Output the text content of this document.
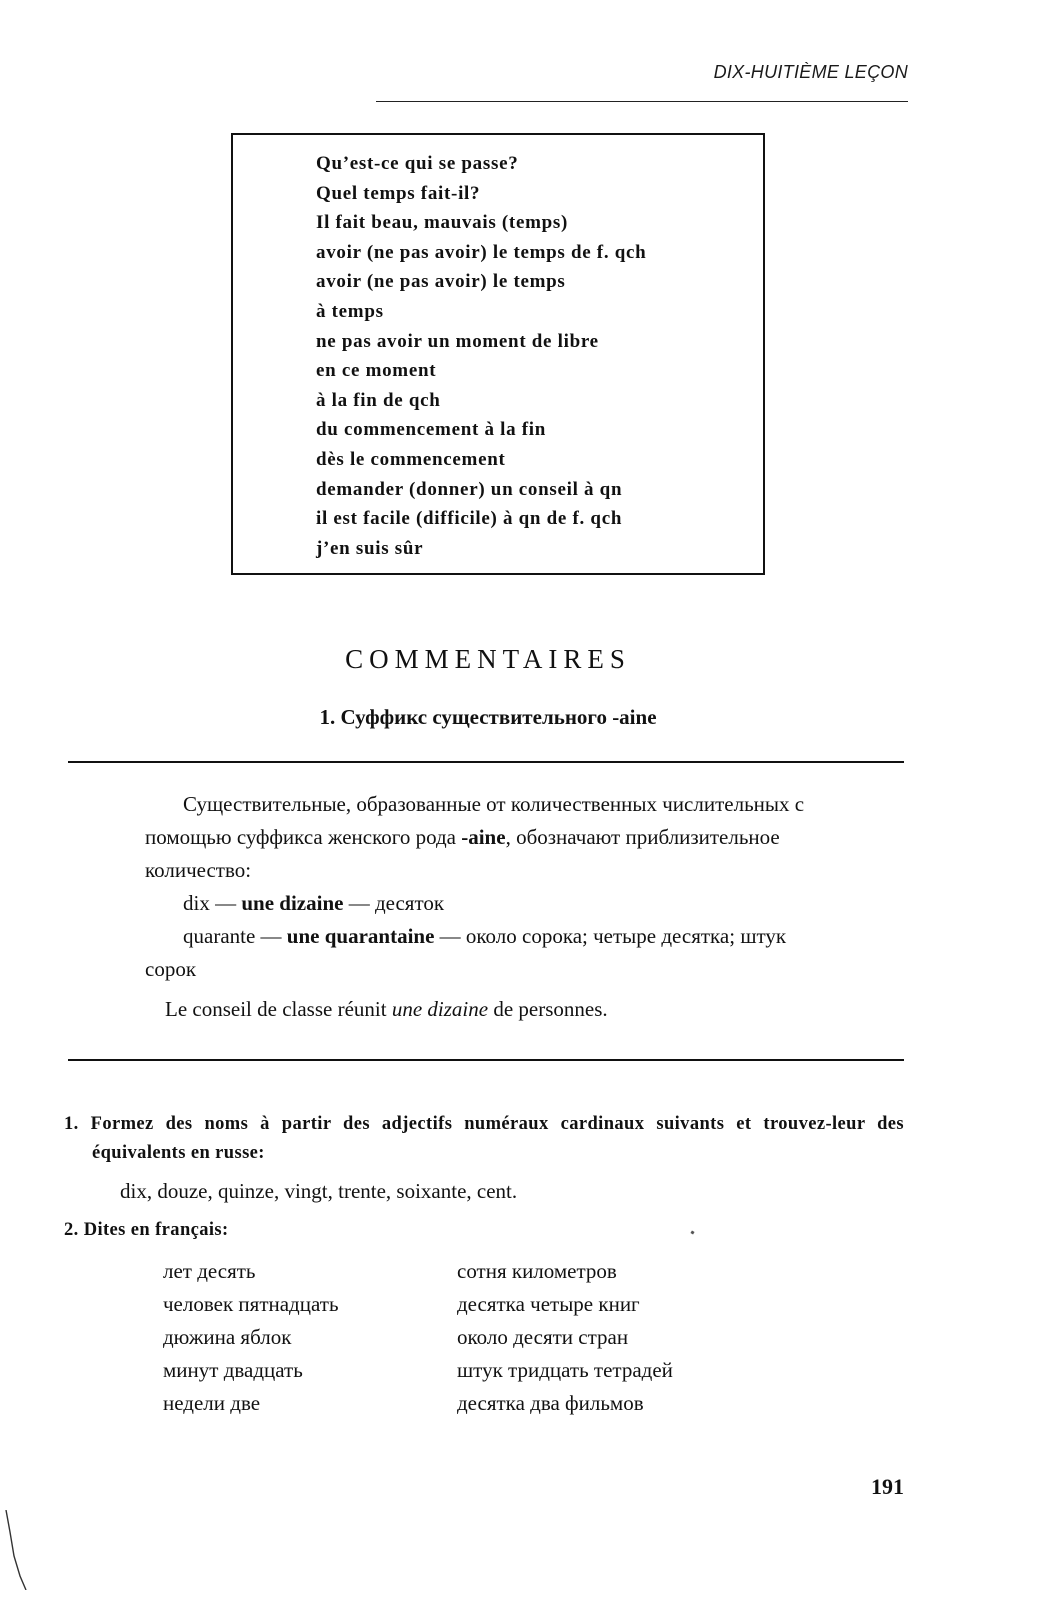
DIX-HUITIÈME LEÇON
Qu’est-ce qui se passe?
Quel temps fait-il?
Il fait beau, mauvais (temps)
avoir (ne pas avoir) le temps de f. qch
avoir (ne pas avoir) le temps
à temps
ne pas avoir un moment de libre
en ce moment
à la fin de qch
du commencement à la fin
dès le commencement
demander (donner) un conseil à qn
il est facile (difficile) à qn de f. qch
j’en suis sûr
COMMENTAIRES
1. Суффикс существительного -aine

Существительные, образованные от количественных числительных с помощью суффикса женского рода -aine, обозначают приблизительное количество:

dix — une dizaine — десяток

quarante — une quarantaine — около сорока; четыре десятка; штук сорок

Le conseil de classe réunit une dizaine de personnes.

1. Formez des noms à partir des adjectifs numéraux cardinaux suivants et trouvez-leur des équivalents en russe:

dix, douze, quinze, vingt, trente, soixante, cent.

2. Dites en français:

лет десять	сотня километров
человек пятнадцать	десятка четыре книг
дюжина яблок	около десяти стран
минут двадцать	штук тридцать тетрадей
недели две	десятка два фильмов
191
